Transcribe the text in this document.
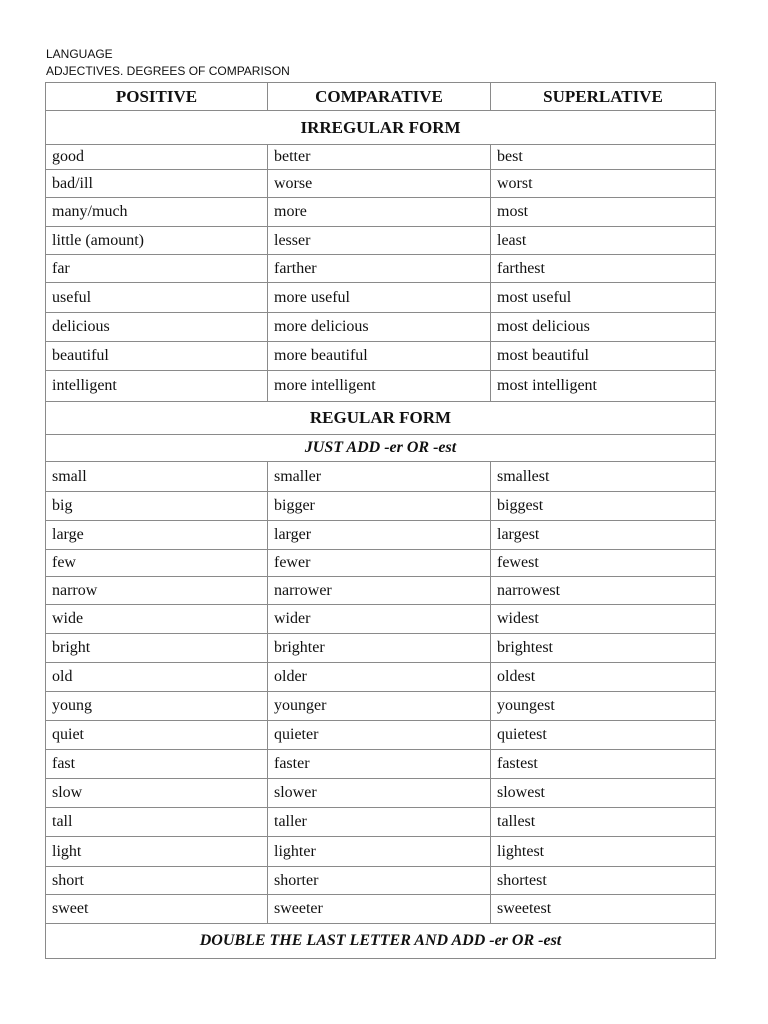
LANGUAGE
ADJECTIVES. DEGREES OF COMPARISON
POSITIVE	COMPARATIVE	SUPERLATIVE
IRREGULAR FORM		
good	better	best
bad/ill	worse	worst
many/much	more	most
little (amount)	lesser	least
far	farther	farthest
useful	more useful	most useful
delicious	more delicious	most delicious
beautiful	more beautiful	most beautiful
intelligent	more intelligent	most intelligent
REGULAR FORM		
JUST ADD -er OR -est		
small	smaller	smallest
big	bigger	biggest
large	larger	largest
few	fewer	fewest
narrow	narrower	narrowest
wide	wider	widest
bright	brighter	brightest
old	older	oldest
young	younger	youngest
quiet	quieter	quietest
fast	faster	fastest
slow	slower	slowest
tall	taller	tallest
light	lighter	lightest
short	shorter	shortest
sweet	sweeter	sweetest
DOUBLE THE LAST LETTER AND ADD -er OR -est		
